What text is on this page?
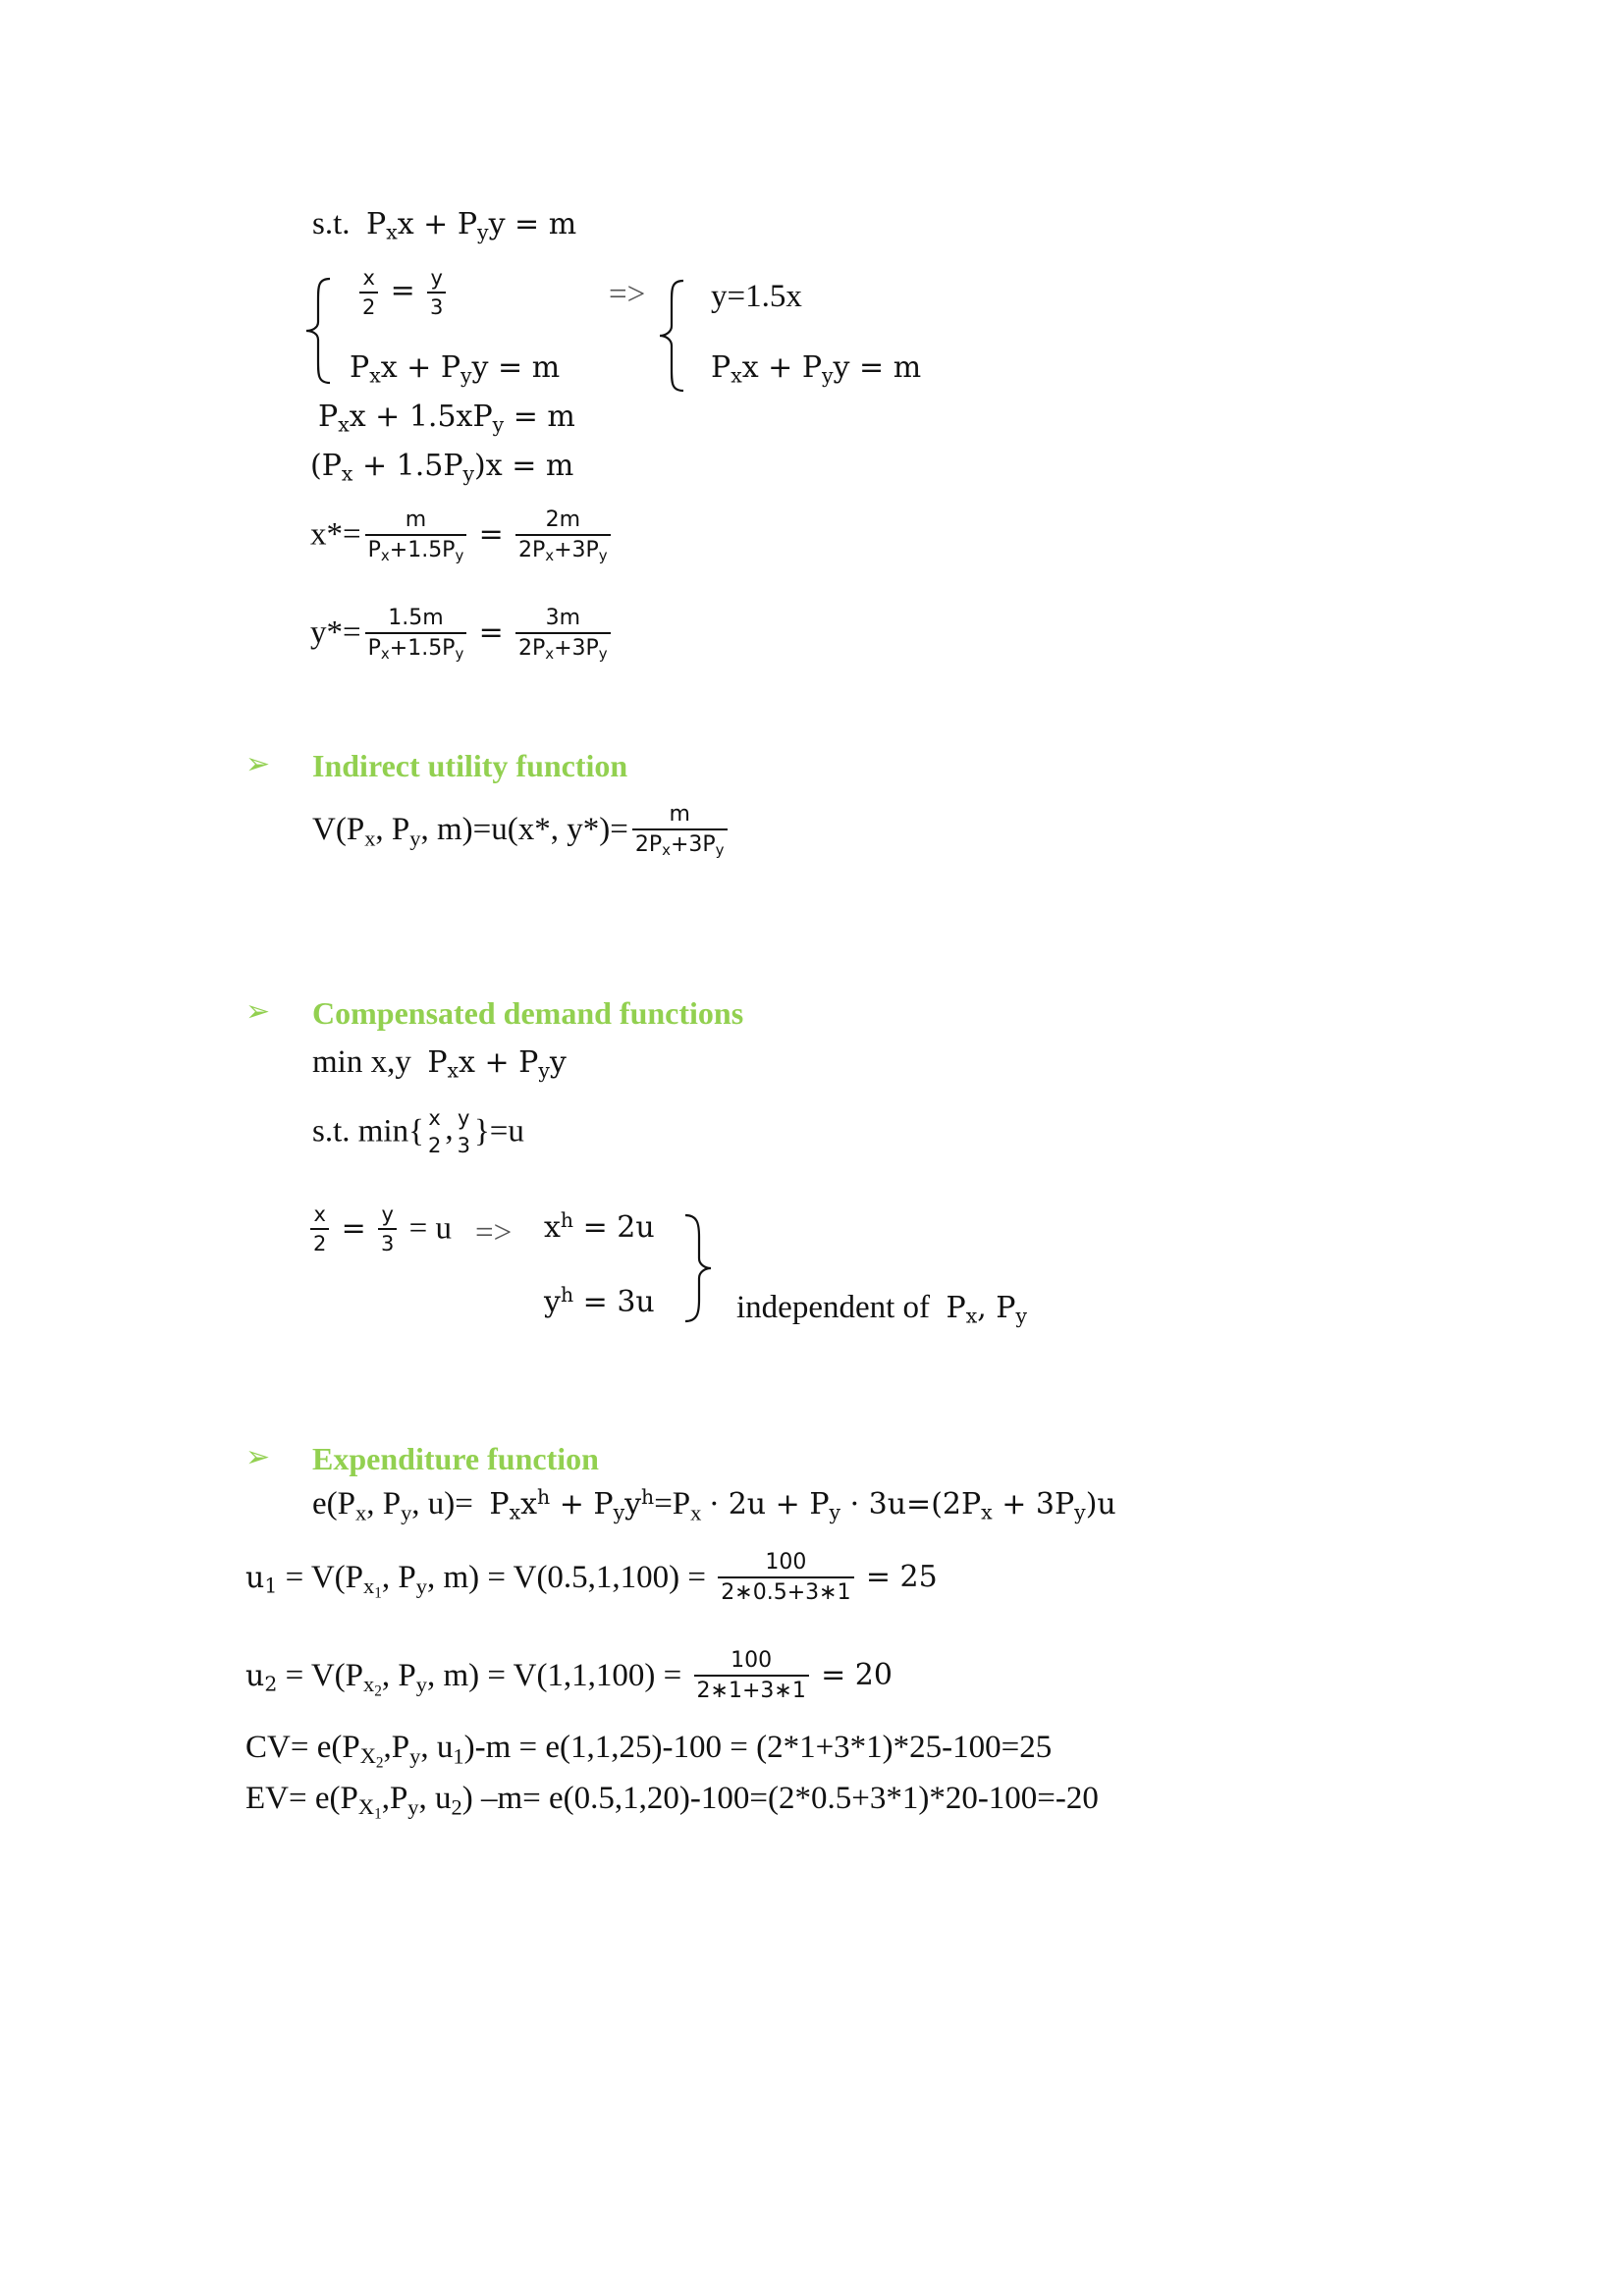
s.t. $P_xx + P_yy = m$
$\frac{x}{2} = \frac{y}{3}$
$P_xx + P_yy = m$
=> y=1.5x
$P_xx + P_yy = m$
$P_xx + 1.5xP_y = m$
$(P_x + 1.5P_y)x = m$
$x*= \frac{m}{P_x+1.5P_y} = \frac{2m}{2P_x+3P_y}$
$y*= \frac{1.5m}{P_x+1.5P_y} = \frac{3m}{2P_x+3P_y}$
➢ Indirect utility function
$V(P_x$, $P_y$, m)=u(x*, $y*)= \frac{m}{2P_x+3P_y}$
➢ Compensated demand functions
min x,y $P_xx + P_yy$
s.t. min{ x
2 , y
3 }=u
$\frac{x}{2} = \frac{y}{3} = u => x^h = 2u$
$y^h = 3u$	independent of $P_x$, $P_y$
➢ Expenditure function
$e(P_x$, $P_y$, $u)= P_xx^h + P_yy^h=P_x \cdot 2u + P_y \cdot 3u=(2P_x + 3P_y)u$
$u_1 = V(P_{x_1}$, $P_y$, $m) = V(0.5,1,100) = \frac{100}{2∗0.5+3∗1} = 25$
$u_2 = V(P_{x_2}$, $P_y$, $m) = V(1,1,100) = \frac{100}{2∗1+3∗1} = 20$
$CV= e(P_{X_2},P_y$, $u_1)-m = e(1,1,25)-100 = (2*1+3*1)*25-100=25$
$EV= e(P_{X_1},P_y$, $u_2$) –m= e(0.5,1,20)-100=(2*0.5+3*1)*20-100=-20
